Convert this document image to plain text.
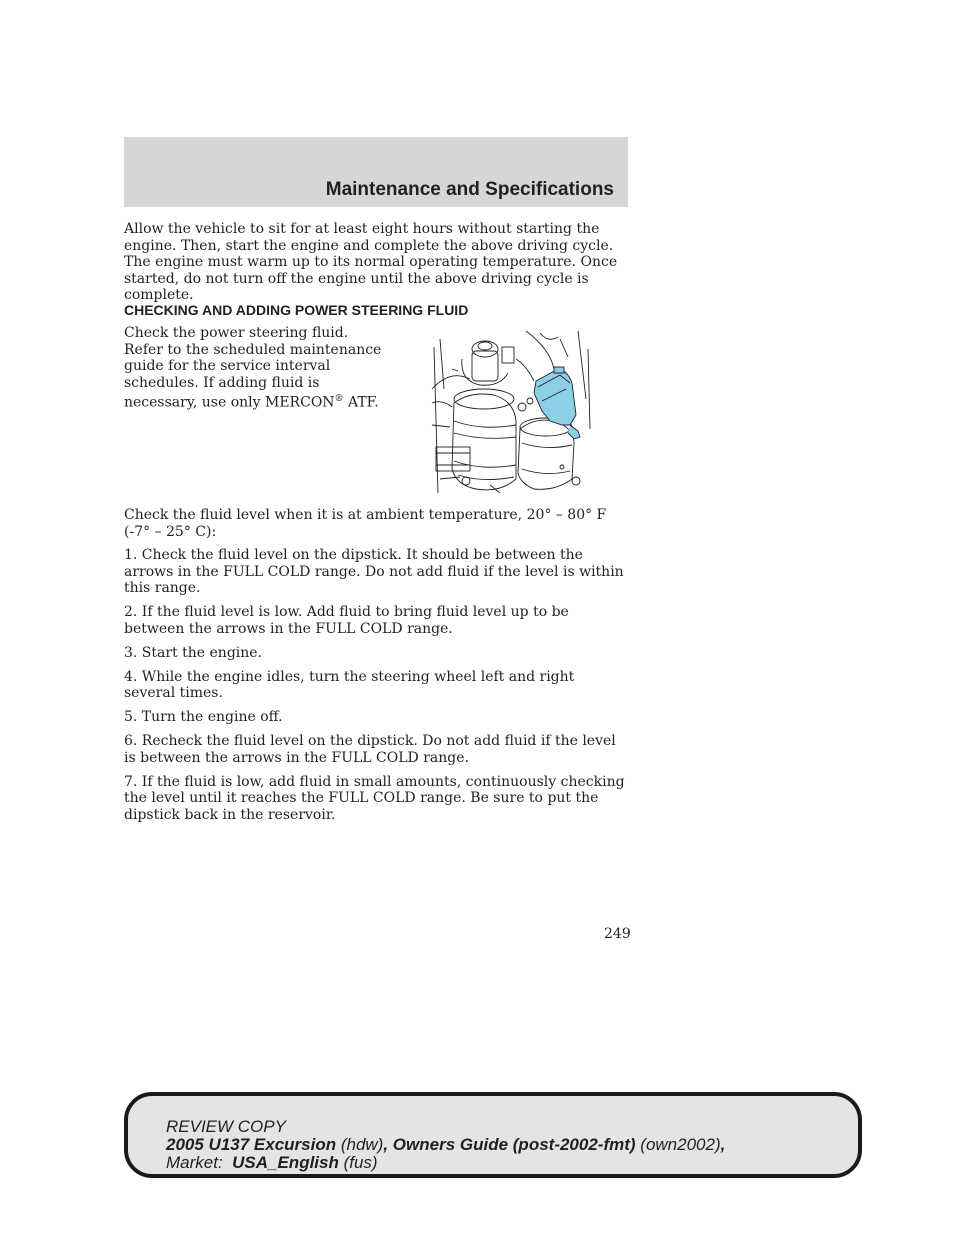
Maintenance and Specifications

Allow the vehicle to sit for at least eight hours without starting the engine. Then, start the engine and complete the above driving cycle. The engine must warm up to its normal operating temperature. Once started, do not turn off the engine until the above driving cycle is complete.

CHECKING AND ADDING POWER STEERING FLUID

Check the power steering fluid. Refer to the scheduled maintenance guide for the service interval schedules. If adding fluid is necessary, use only MERCON® ATF.

Check the fluid level when it is at ambient temperature, 20° – 80° F (-7° – 25° C):

1. Check the fluid level on the dipstick. It should be between the arrows in the FULL COLD range. Do not add fluid if the level is within this range.

2. If the fluid level is low. Add fluid to bring fluid level up to be between the arrows in the FULL COLD range.

3. Start the engine.

4. While the engine idles, turn the steering wheel left and right several times.

5. Turn the engine off.

6. Recheck the fluid level on the dipstick. Do not add fluid if the level is between the arrows in the FULL COLD range.

7. If the fluid is low, add fluid in small amounts, continuously checking the level until it reaches the FULL COLD range. Be sure to put the dipstick back in the reservoir.

249
REVIEW COPY
2005 U137 Excursion (hdw), Owners Guide (post-2002-fmt) (own2002),
Market:  USA_English (fus)
